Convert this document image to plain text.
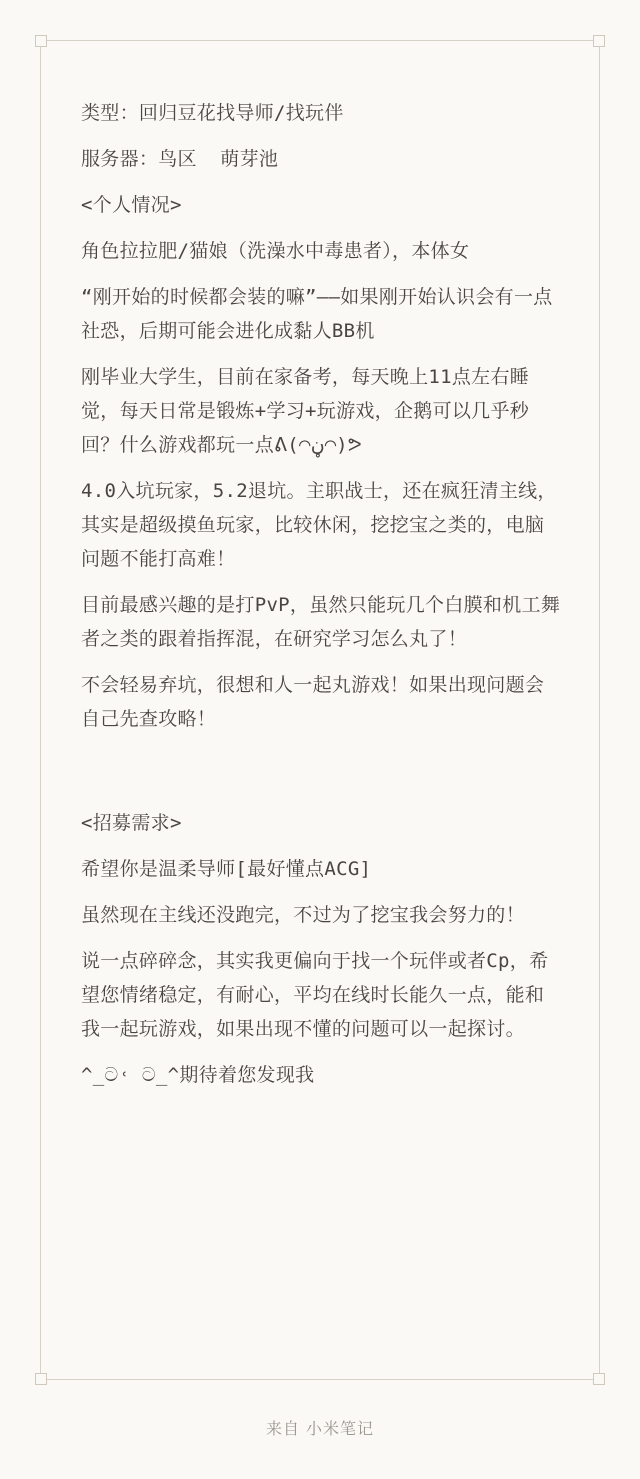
类型：回归豆花找导师/找玩伴

服务器：鸟区  萌芽池

<个人情况>

角色拉拉肥/猫娘（洗澡水中毒患者），本体女

“刚开始的时候都会装的嘛”——如果刚开始认识会有一点社恐，后期可能会进化成黏人BB机

刚毕业大学生，目前在家备考，每天晚上11点左右睡觉，每天日常是锻炼+学习+玩游戏，企鹅可以几乎秒回？什么游戏都玩一点ᕕ(◠ڼ◠)ᕗ

4.0入坑玩家，5.2退坑。主职战士，还在疯狂清主线，其实是超级摸鱼玩家，比较休闲，挖挖宝之类的，电脑问题不能打高难！

目前最感兴趣的是打PvP，虽然只能玩几个白膜和机工舞者之类的跟着指挥混，在研究学习怎么丸了！

不会轻易弃坑，很想和人一起丸游戏！如果出现问题会自己先查攻略！

<招募需求>

希望你是温柔导师[最好懂点ACG]

虽然现在主线还没跑完，不过为了挖宝我会努力的！

说一点碎碎念，其实我更偏向于找一个玩伴或者Cp，希望您情绪稳定，有耐心，平均在线时长能久一点，能和我一起玩游戏，如果出现不懂的问题可以一起探讨。

^_ට˓ ට_^期待着您发现我

来自 小米笔记
